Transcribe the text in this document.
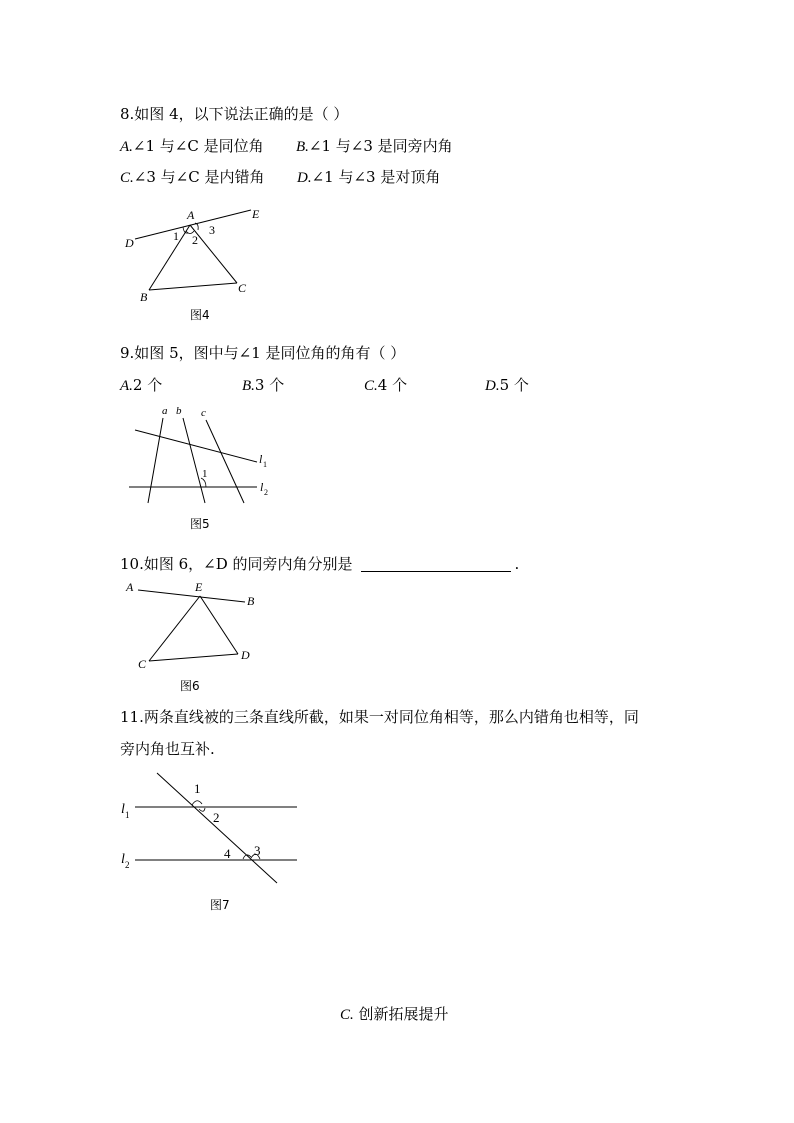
8.如图 4，以下说法正确的是（ ）
A.∠1 与∠C 是同位角 B.∠1 与∠3 是同旁内角
C.∠3 与∠C 是内错角 D.∠1 与∠3 是对顶角
A	E
D
B
C
1 2
3
图4
9.如图 5，图中与∠1 是同位角的角有（ ）
A.2 个	B.3 个	C.4 个	D.5 个
a b c
1
l 1
l 2
图5
10.如图 6，∠D 的同旁内角分别是	.
A	E
B
C
D
图6
11.两条直线被的三条直线所截，如果一对同位角相等，那么内错角也相等，同
旁内角也互补.
1
2
3
4
l 1
l 2
图7
C. 创新拓展提升
